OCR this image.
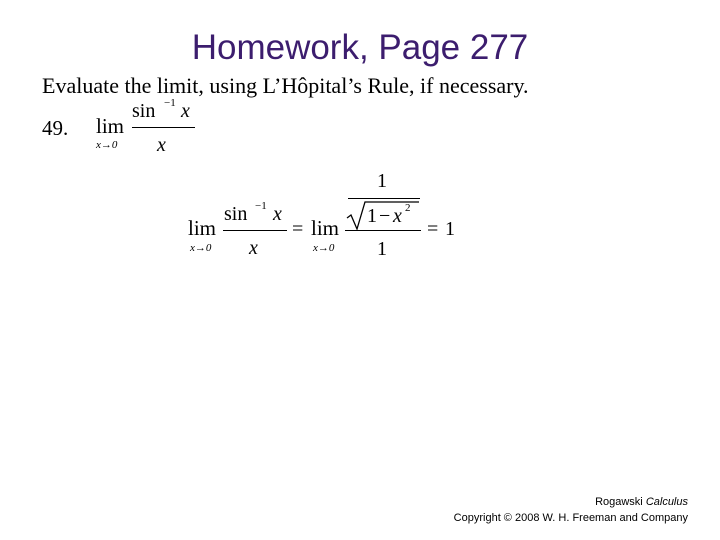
Homework, Page 277
Evaluate the limit, using L’Hôpital’s Rule, if necessary.
49. lim
x→0
sin −1 x
x
lim
x→0
sin −1 x
x
= lim
x→0
1
1 − x 2
1
= 1
Rogawski Calculus
Copyright © 2008 W. H. Freeman and Company
